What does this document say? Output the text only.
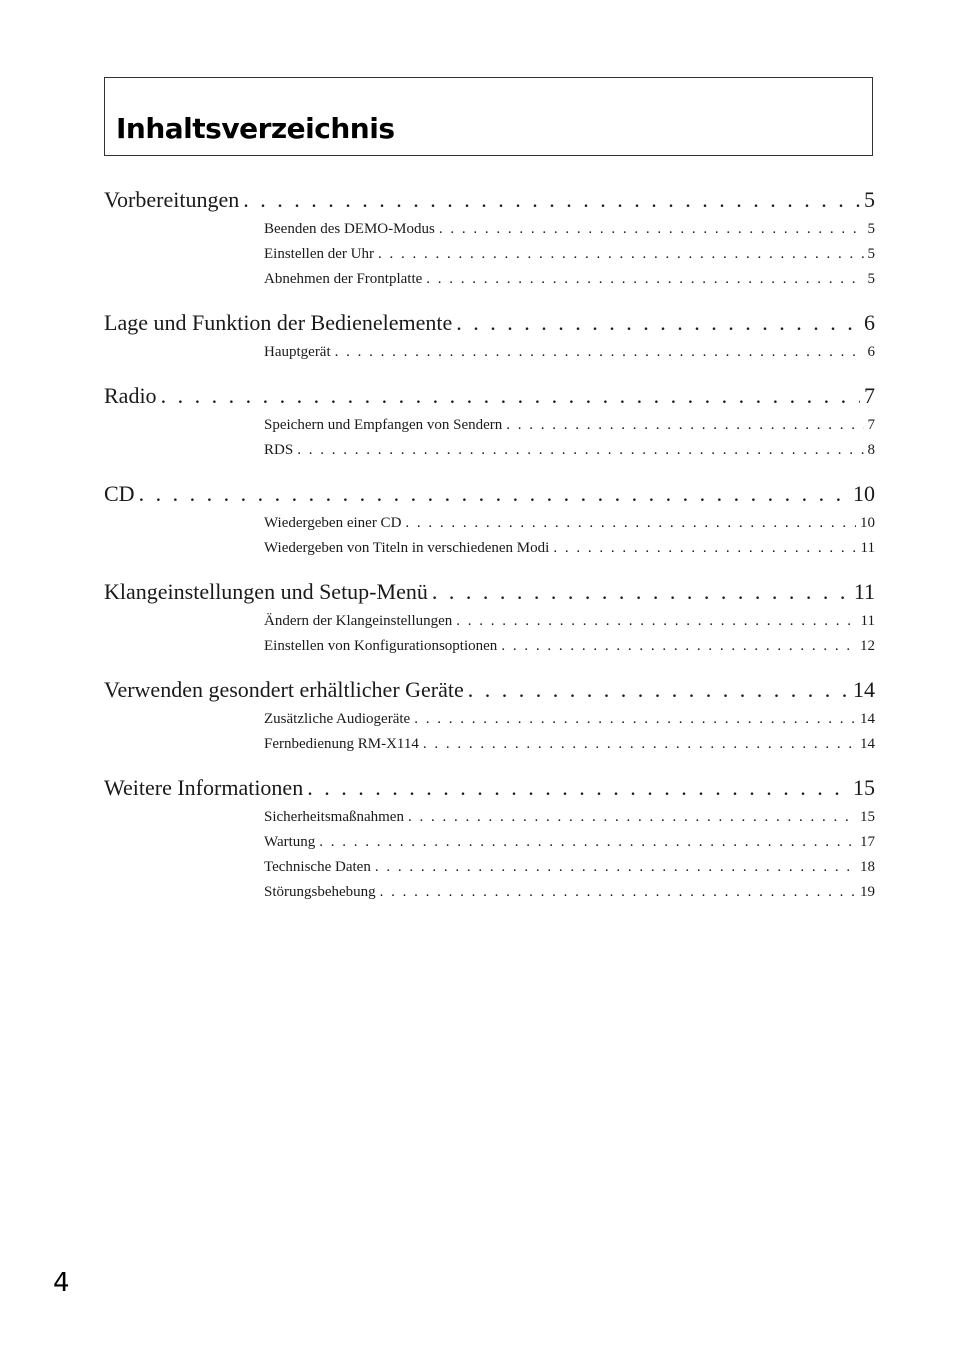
Inhaltsverzeichnis
Vorbereitungen . . .	5
Beenden des DEMO-Modus . . .	5
Einstellen der Uhr . . .	5
Abnehmen der Frontplatte . . .	5
Lage und Funktion der Bedienelemente . . .	6
Hauptgerät . . .	6
Radio . . .	7
Speichern und Empfangen von Sendern . . .	7
RDS . . .	8
CD . . .	10
Wiedergeben einer CD . . .	10
Wiedergeben von Titeln in verschiedenen Modi . . .	11
Klangeinstellungen und Setup-Menü . . .	11
Ändern der Klangeinstellungen . . .	11
Einstellen von Konfigurationsoptionen . . .	12
Verwenden gesondert erhältlicher Geräte . . .	14
Zusätzliche Audiogeräte . . .	14
Fernbedienung RM-X114 . . .	14
Weitere Informationen . . .	15
Sicherheitsmaßnahmen . . .	15
Wartung . . .	17
Technische Daten . . .	18
Störungsbehebung . . .	19
4
